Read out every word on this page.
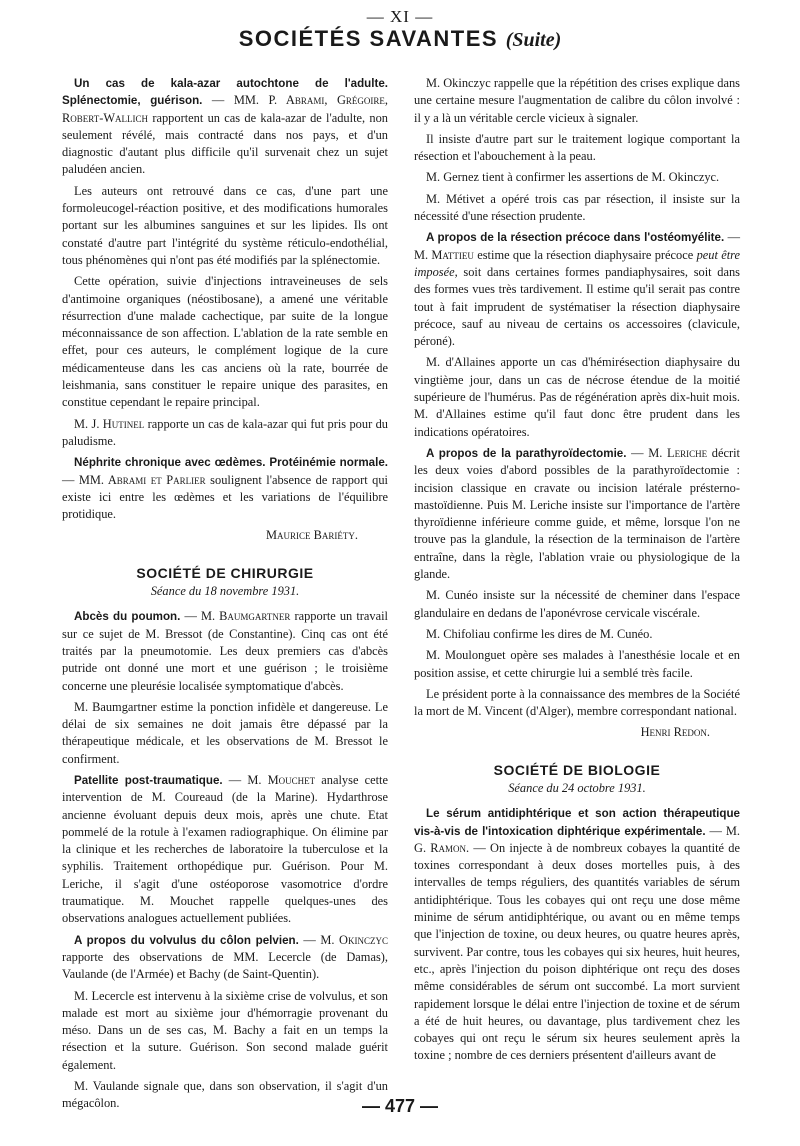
— XI —
SOCIÉTÉS SAVANTES (Suite)

Un cas de kala-azar autochtone de l'adulte. Splénectomie, guérison. — MM. P. Abrami, Grégoire, Robert-Wallich rapportent un cas de kala-azar de l'adulte, non seulement révélé, mais contracté dans nos pays, et d'un diagnostic d'autant plus difficile qu'il survenait chez un sujet paludéen ancien.

Les auteurs ont retrouvé dans ce cas, d'une part une formoleucogel-réaction positive, et des modifications humorales portant sur les albumines sanguines et sur les lipides. Ils ont constaté d'autre part l'intégrité du système réticulo-endothélial, tous phénomènes qui n'ont pas été modifiés par la splénectomie.

Cette opération, suivie d'injections intraveineuses de sels d'antimoine organiques (néostibosane), a amené une véritable résurrection d'une malade cachectique, par suite de la longue méconnaissance de son affection. L'ablation de la rate semble en effet, pour ces auteurs, le complément logique de la cure médicamenteuse dans les cas anciens où la rate, bourrée de leishmania, sans constituer le repaire unique des parasites, en constitue cependant le repaire principal.

M. J. Hutinel rapporte un cas de kala-azar qui fut pris pour du paludisme.

Néphrite chronique avec œdèmes. Protéinémie normale. — MM. Abrami et Parlier soulignent l'absence de rapport qui existe ici entre les œdèmes et les variations de l'équilibre protidique.

Maurice Bariéty.
SOCIÉTÉ DE CHIRURGIE
Séance du 18 novembre 1931.

Abcès du poumon. — M. Baumgartner rapporte un travail sur ce sujet de M. Bressot (de Constantine). Cinq cas ont été traités par la pneumotomie. Les deux premiers cas d'abcès putride ont donné une mort et une guérison ; le troisième concerne une pleurésie localisée symptomatique d'abcès.

M. Baumgartner estime la ponction infidèle et dangereuse. Le délai de six semaines ne doit jamais être dépassé par la thérapeutique médicale, et les observations de M. Bressot le confirment.

Patellite post-traumatique. — M. Mouchet analyse cette intervention de M. Coureaud (de la Marine). Hydarthrose ancienne évoluant depuis deux mois, après une chute. Etat pommelé de la rotule à l'examen radiographique. On élimine par la clinique et les recherches de laboratoire la tuberculose et la syphilis. Traitement orthopédique pur. Guérison. Pour M. Leriche, il s'agit d'une ostéoporose vasomotrice d'ordre traumatique. M. Mouchet rappelle quelques-unes des observations analogues actuellement publiées.

A propos du volvulus du côlon pelvien. — M. Okinczyc rapporte des observations de MM. Lecercle (de Damas), Vaulande (de l'Armée) et Bachy (de Saint-Quentin).

M. Lecercle est intervenu à la sixième crise de volvulus, et son malade est mort au sixième jour d'hémorragie provenant du méso. Dans un de ses cas, M. Bachy a fait en un temps la résection et la suture. Guérison. Son second malade guérit également.

M. Vaulande signale que, dans son observation, il s'agit d'un mégacôlon.

M. Okinczyc rappelle que la répétition des crises explique dans une certaine mesure l'augmentation de calibre du côlon involvé : il y a là un véritable cercle vicieux à signaler.

Il insiste d'autre part sur le traitement logique comportant la résection et l'abouchement à la peau.

M. Gernez tient à confirmer les assertions de M. Okinczyc.

M. Métivet a opéré trois cas par résection, il insiste sur la nécessité d'une résection prudente.

A propos de la résection précoce dans l'ostéomyélite. — M. Mattieu estime que la résection diaphysaire précoce peut être imposée, soit dans certaines formes pandiaphysaires, soit dans des formes vues très tardivement. Il estime qu'il serait pas contre tout à fait imprudent de systématiser la résection diaphysaire précoce, sauf au niveau de certains os accessoires (clavicule, péroné).

M. d'Allaines apporte un cas d'hémirésection diaphysaire du vingtième jour, dans un cas de nécrose étendue de la moitié supérieure de l'humérus. Pas de régénération après dix-huit mois. M. d'Allaines estime qu'il faut donc être prudent dans les indications opératoires.

A propos de la parathyroïdectomie. — M. Leriche décrit les deux voies d'abord possibles de la parathyroïdectomie : incision classique en cravate ou incision latérale présterno-mastoïdienne. Puis M. Leriche insiste sur l'importance de l'artère thyroïdienne inférieure comme guide, et même, lorsque l'on ne trouve pas la glandule, la résection de la terminaison de l'artère entraîne, dans la règle, l'ablation vraie ou physiologique de la glande.

M. Cunéo insiste sur la nécessité de cheminer dans l'espace glandulaire en dedans de l'aponévrose cervicale viscérale.

M. Chifoliau confirme les dires de M. Cunéo.

M. Moulonguet opère ses malades à l'anesthésie locale et en position assise, et cette chirurgie lui a semblé très facile.

Le président porte à la connaissance des membres de la Société la mort de M. Vincent (d'Alger), membre correspondant national.

Henri Redon.
SOCIÉTÉ DE BIOLOGIE
Séance du 24 octobre 1931.

Le sérum antidiphtérique et son action thérapeutique vis-à-vis de l'intoxication diphtérique expérimentale. — M. G. Ramon. — On injecte à de nombreux cobayes la quantité de toxines correspondant à deux doses mortelles puis, à des intervalles de temps réguliers, des quantités variables de sérum antidiphtérique. Tous les cobayes qui ont reçu une dose même minime de sérum antidiphtérique, ou avant ou en même temps que l'injection de toxine, ou deux heures, ou quatre heures après, survivent. Par contre, tous les cobayes qui six heures, huit heures, etc., après l'injection du poison diphtérique ont reçu des doses même considérables de sérum ont succombé. La mort survient rapidement lorsque le délai entre l'injection de toxine et de sérum a été de huit heures, ou davantage, plus tardivement chez les cobayes qui ont reçu le sérum six heures seulement après la toxine ; nombre de ces derniers présentent d'ailleurs avant de

— 477 —
